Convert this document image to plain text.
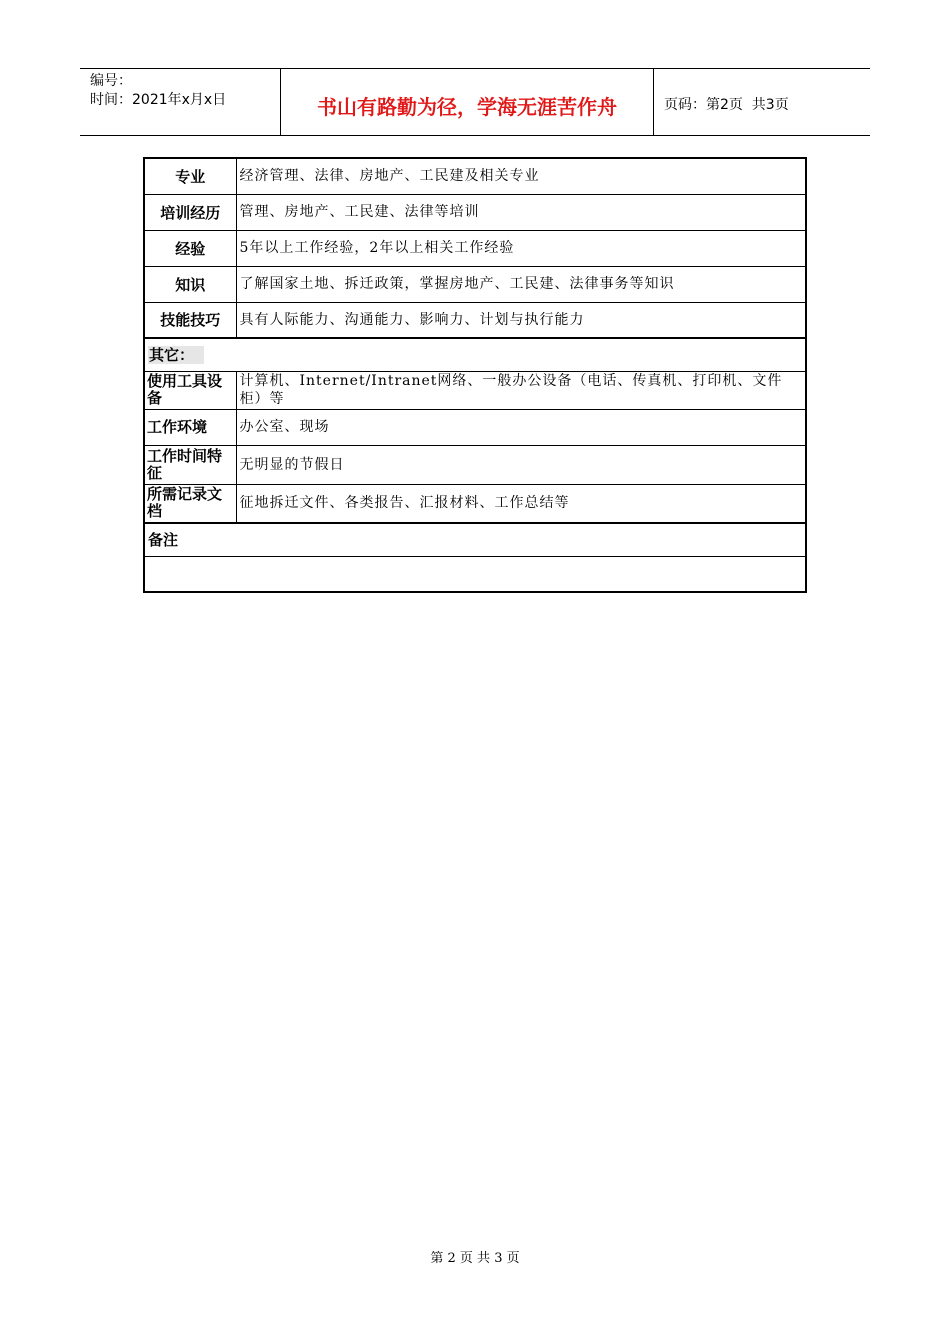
编号：
时间：2021年x月x日	书山有路勤为径，学海无涯苦作舟	页码：第2页  共3页
专业	经济管理、法律、房地产、工民建及相关专业
培训经历	管理、房地产、工民建、法律等培训
经验	5年以上工作经验，2年以上相关工作经验
知识	了解国家土地、拆迁政策，掌握房地产、工民建、法律事务等知识
技能技巧	具有人际能力、沟通能力、影响力、计划与执行能力
其它：	
使用工具设备	计算机、Internet/Intranet网络、一般办公设备（电话、传真机、打印机、文件柜）等
工作环境	办公室、现场
工作时间特征	无明显的节假日
所需记录文档	征地拆迁文件、各类报告、汇报材料、工作总结等
备注	

第 2 页 共 3 页
